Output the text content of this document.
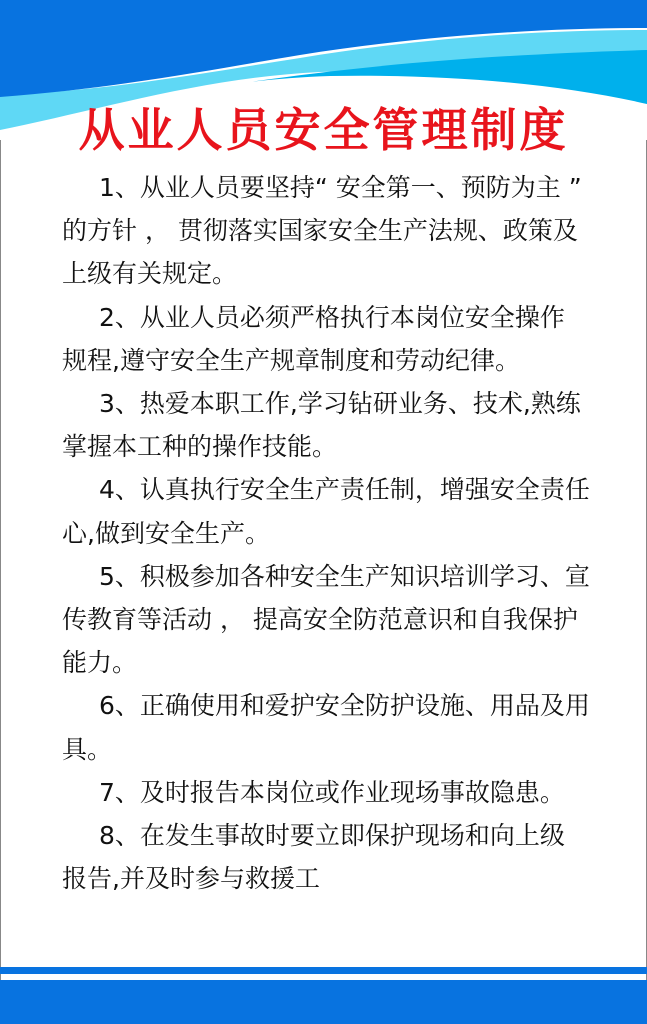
从业人员安全管理制度
1、从业人员要坚持“ 安全第一、预防为主 ”
的方针 ， 贯彻落实国家安全生产法规、政策及
上级有关规定。
2、从业人员必须严格执行本岗位安全操作
规程,遵守安全生产规章制度和劳动纪律。
3、热爱本职工作,学习钻研业务、技术,熟练
掌握本工种的操作技能。
4、认真执行安全生产责任制，增强安全责任
心,做到安全生产。
5、积极参加各种安全生产知识培训学习、宣
传教育等活动 ， 提高安全防范意识和自我保护
能力。
6、正确使用和爱护安全防护设施、用品及用
具。
7、及时报告本岗位或作业现场事故隐患。
8、在发生事故时要立即保护现场和向上级
报告,并及时参与救援工
